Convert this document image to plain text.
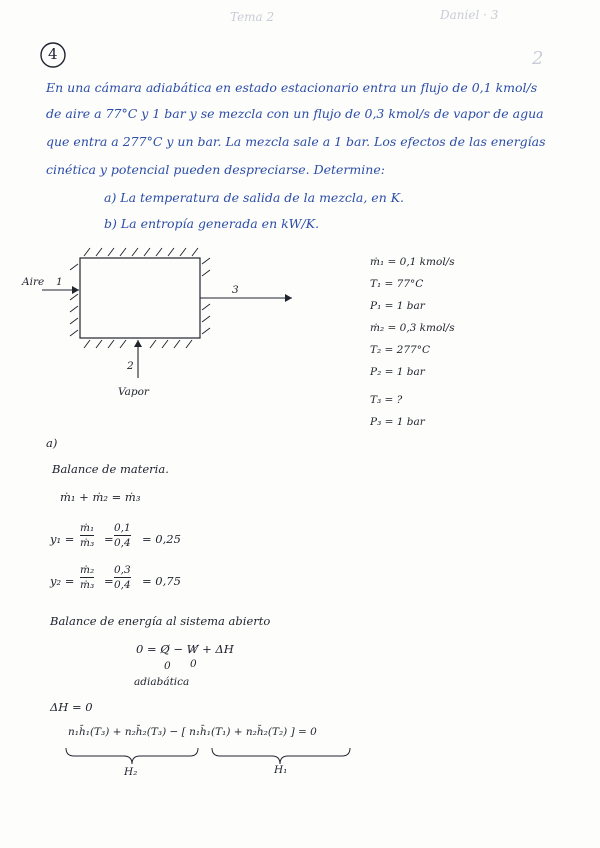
Tema 2	Daniel · 3
2
4
En una cámara adiabática en estado estacionario entra un flujo de 0,1 kmol/s
de aire a 77°C y 1 bar y se mezcla con un flujo de 0,3 kmol/s de vapor de agua
que entra a 277°C y un bar. La mezcla sale a 1 bar. Los efectos de las energías
cinética y potencial pueden despreciarse. Determine:
a) La temperatura de salida de la mezcla, en K.
b) La entropía generada en kW/K.
Aire 1
3
2
Vapor
ṁ₁ = 0,1 kmol/s
T₁ = 77°C
P₁ = 1 bar
ṁ₂ = 0,3 kmol/s
T₂ = 277°C
P₂ = 1 bar
T₃ = ?
P₃ = 1 bar
a)
Balance de materia.
ṁ₁ + ṁ₂ = ṁ₃
y₁ =
ṁ₁
ṁ₃ =
0,1
0,4 = 0,25
y₂ =
ṁ₂
ṁ₃ =
0,3
0,4 = 0,75
Balance de energía al sistema abierto
0 = Q̸ − W̸ + ΔH
0 0
adiabática
ΔH = 0
n₁h̄₁(T₃) + n₂h̄₂(T₃) − [ n₁h̄₁(T₁) + n₂h̄₂(T₂) ] = 0
H₂	H₁
